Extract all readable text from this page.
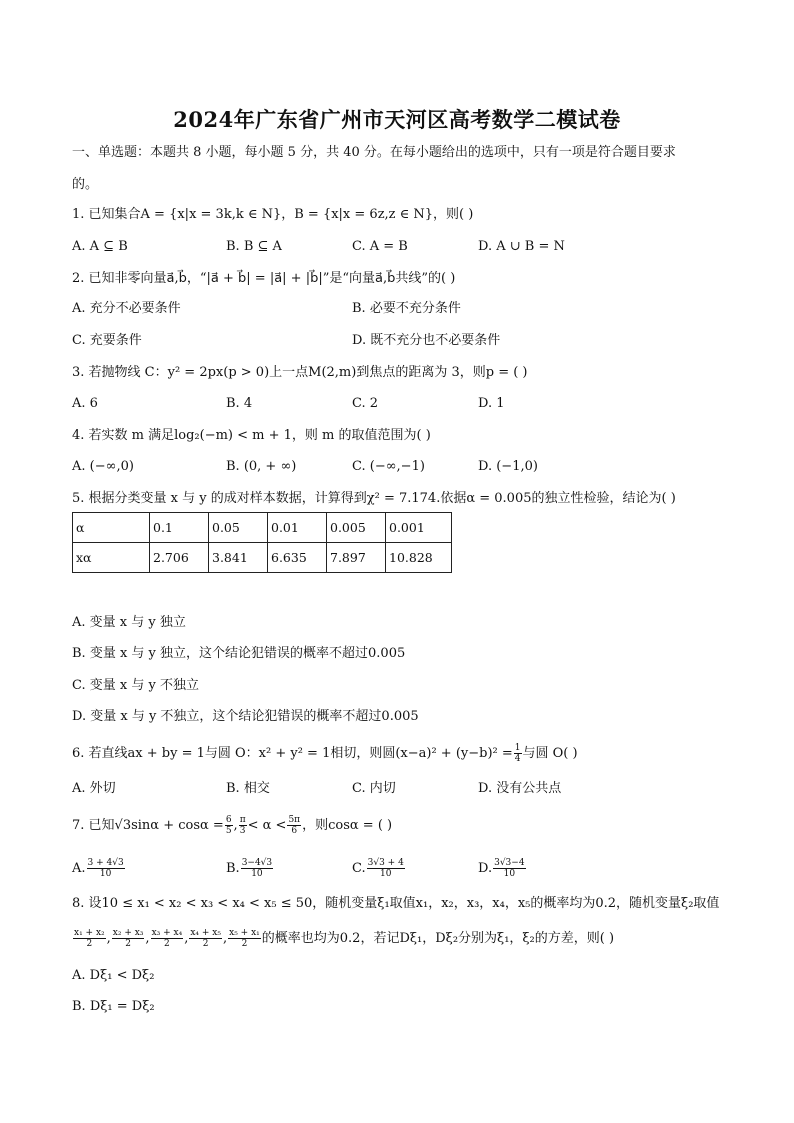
2024年广东省广州市天河区高考数学二模试卷
一、单选题：本题共 8 小题，每小题 5 分，共 40 分。在每小题给出的选项中，只有一项是符合题目要求
的。
1. 已知集合A = {x|x = 3k,k ∈ N}，B = {x|x = 6z,z ∈ N}，则( )
A. A ⊆ B	B. B ⊆ A	C. A = B	D. A ∪ B = N
2. 已知非零向量a⃗,b⃗，“|a⃗ + b⃗| = |a⃗| + |b⃗|”是“向量a⃗,b⃗共线”的( )
A. 充分不必要条件	B. 必要不充分条件
C. 充要条件	D. 既不充分也不必要条件
3. 若抛物线 C：y² = 2px(p > 0)上一点M(2,m)到焦点的距离为 3，则p = ( )
A. 6	B. 4	C. 2	D. 1
4. 若实数 m 满足log₂(−m) < m + 1，则 m 的取值范围为( )
A. (−∞,0)	B. (0, + ∞)	C. (−∞,−1)	D. (−1,0)
5. 根据分类变量 x 与 y 的成对样本数据，计算得到χ² = 7.174.依据α = 0.005的独立性检验，结论为( )
α	0.1	0.05	0.01	0.005	0.001
xα	2.706	3.841	6.635	7.897	10.828
A. 变量 x 与 y 独立
B. 变量 x 与 y 独立，这个结论犯错误的概率不超过0.005
C. 变量 x 与 y 不独立
D. 变量 x 与 y 不独立，这个结论犯错误的概率不超过0.005
6. 若直线ax + by = 1与圆 O：x² + y² = 1相切，则圆$(x-a)^2 + (y-b)^2 = \frac{1}{4}$ 与圆 O( )
A. 外切	B. 相交	C. 内切	D. 没有公共点
7. 已知$√3\sin\alpha + \cos\alpha = \frac{6}{5}$ , $\frac{\pi}{3} < \alpha < \frac{5\pi}{6}$ ，则cosα = ( )
A. $\frac{3 + 4√3}{10}$	B. $\frac{3-4√3}{10}$	C. $\frac{3√3 + 4}{10}$	D. $\frac{3√3-4}{10}$
8. 设10 ≤ x₁ < x₂ < x₃ < x₄ < x₅ ≤ 50，随机变量ξ₁取值x₁，x₂，x₃，x₄，x₅的概率均为0.2，随机变量ξ₂取值
$\frac{\text{x₁ + x₂}}{2}$ , $\frac{\text{x₂ + x₃}}{2}$ , $\frac{\text{x₃ + x₄}}{2}$ , $\frac{\text{x₄ + x₅}}{2}$ , $\frac{\text{x₅ + x₁}}{2}$ 的概率也均为0.2，若记Dξ₁，Dξ₂分别为ξ₁，ξ₂的方差，则( )
A. Dξ₁ < Dξ₂
B. Dξ₁ = Dξ₂
